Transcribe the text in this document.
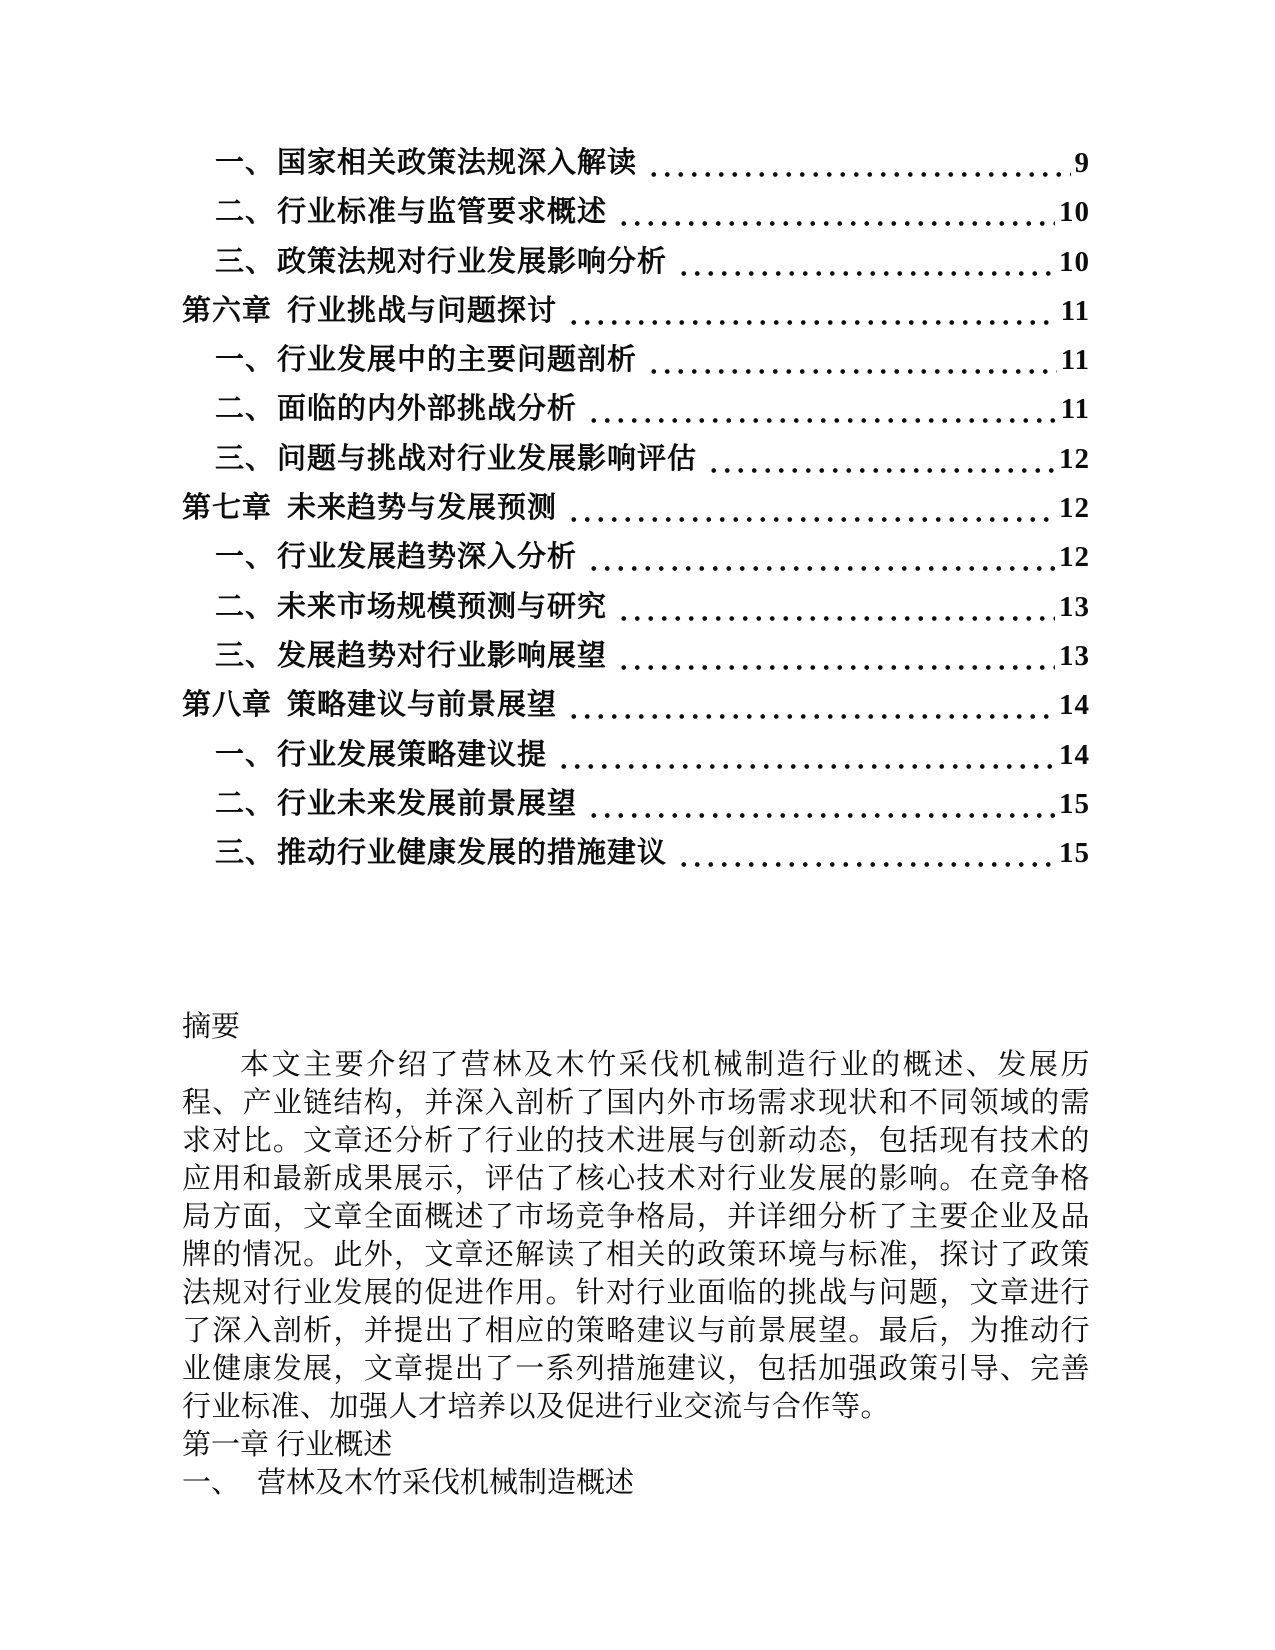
一、 国家相关政策法规深入解读	9
二、 行业标准与监管要求概述	10
三、 政策法规对行业发展影响分析	10
第六章 行业挑战与问题探讨	11
一、 行业发展中的主要问题剖析	11
二、 面临的内外部挑战分析	11
三、 问题与挑战对行业发展影响评估	12
第七章 未来趋势与发展预测	12
一、 行业发展趋势深入分析	12
二、 未来市场规模预测与研究	13
三、 发展趋势对行业影响展望	13
第八章 策略建议与前景展望	14
一、 行业发展策略建议提	14
二、 行业未来发展前景展望	15
三、 推动行业健康发展的措施建议	15
摘要

本文主要介绍了营林及木竹采伐机械制造行业的概述、发展历程、产业链结构，并深入剖析了国内外市场需求现状和不同领域的需求对比。文章还分析了行业的技术进展与创新动态，包括现有技术的应用和最新成果展示，评估了核心技术对行业发展的影响。在竞争格局方面，文章全面概述了市场竞争格局，并详细分析了主要企业及品牌的情况。此外，文章还解读了相关的政策环境与标准，探讨了政策法规对行业发展的促进作用。针对行业面临的挑战与问题，文章进行了深入剖析，并提出了相应的策略建议与前景展望。最后，为推动行业健康发展，文章提出了一系列措施建议，包括加强政策引导、完善行业标准、加强人才培养以及促进行业交流与合作等。

第一章 行业概述
一、 营林及木竹采伐机械制造概述
